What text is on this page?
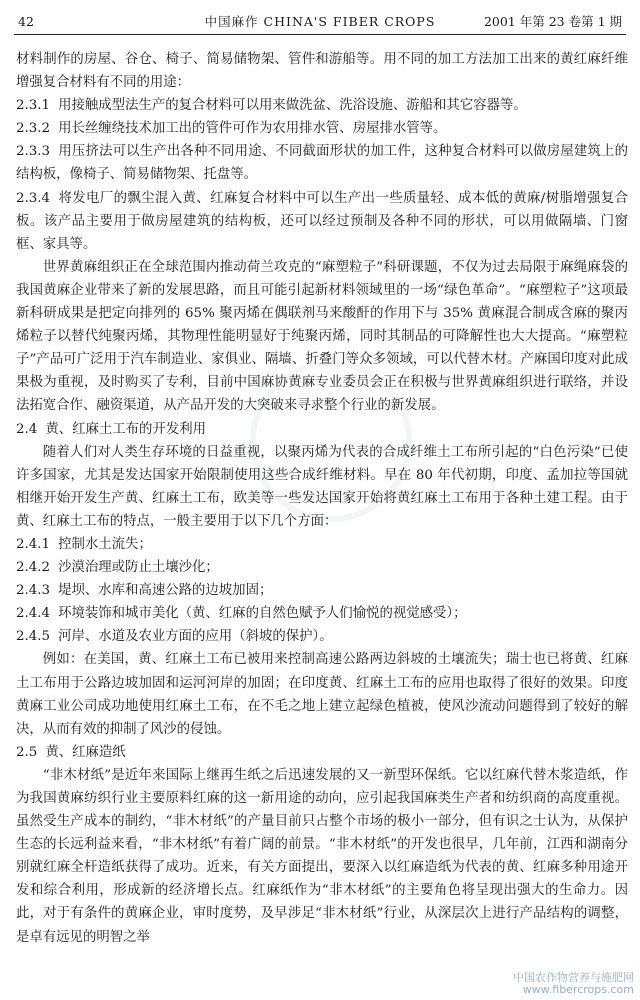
42	中国麻作 CHINA'S FIBER CROPS	2001 年第 23 卷第 1 期

材料制作的房屋、谷仓、椅子、简易储物架、管件和游船等。用不同的加工方法加工出来的黄红麻纤维增强复合材料有不同的用途：

2.3.1 用接触成型法生产的复合材料可以用来做洗盆、洗浴设施、游船和其它容器等。

2.3.2 用长丝缠绕技术加工出的管件可作为农用排水管、房屋排水管等。

2.3.3 用压挤法可以生产出各种不同用途、不同截面形状的加工件，这种复合材料可以做房屋建筑上的结构板，像椅子、简易储物架、托盘等。

2.3.4 将发电厂的飘尘混入黄、红麻复合材料中可以生产出一些质量轻、成本低的黄麻/树脂增强复合板。该产品主要用于做房屋建筑的结构板，还可以经过预制及各种不同的形状，可以用做隔墙、门窗框、家具等。

世界黄麻组织正在全球范围内推动荷兰攻克的“麻塑粒子”科研课题，不仅为过去局限于麻绳麻袋的我国黄麻企业带来了新的发展思路，而且可能引起新材料领域里的一场“绿色革命”。“麻塑粒子”这项最新科研成果是把定向排列的 65% 聚丙烯在偶联剂马来酸酐的作用下与 35% 黄麻混合制成含麻的聚丙烯粒子以替代纯聚丙烯，其物理性能明显好于纯聚丙烯，同时其制品的可降解性也大大提高。“麻塑粒子”产品可广泛用于汽车制造业、家俱业、隔墙、折叠门等众多领域，可以代替木材。产麻国印度对此成果极为重视，及时购买了专利，目前中国麻协黄麻专业委员会正在积极与世界黄麻组织进行联络，并设法拓宽合作、融资渠道，从产品开发的大突破来寻求整个行业的新发展。

2.4 黄、红麻土工布的开发利用

随着人们对人类生存环境的日益重视，以聚丙烯为代表的合成纤维土工布所引起的“白色污染”已使许多国家，尤其是发达国家开始限制使用这些合成纤维材料。早在 80 年代初期，印度、孟加拉等国就相继开始开发生产黄、红麻土工布，欧美等一些发达国家开始将黄红麻土工布用于各种土建工程。由于黄、红麻土工布的特点，一般主要用于以下几个方面：

2.4.1 控制水土流失；

2.4.2 沙漠治理或防止土壤沙化；

2.4.3 堤坝、水库和高速公路的边坡加固；

2.4.4 环境装饰和城市美化（黄、红麻的自然色赋予人们愉悦的视觉感受）；

2.4.5 河岸、水道及农业方面的应用（斜坡的保护）。

例如：在美国，黄、红麻土工布已被用来控制高速公路两边斜坡的土壤流失；瑞士也已将黄、红麻土工布用于公路边坡加固和运河河岸的加固；在印度黄、红麻土工布的应用也取得了很好的效果。印度黄麻工业公司成功地使用红麻土工布，在不毛之地上建立起绿色植被，使风沙流动问题得到了较好的解决，从而有效的抑制了风沙的侵蚀。

2.5 黄、红麻造纸

“非木材纸”是近年来国际上继再生纸之后迅速发展的又一新型环保纸。它以红麻代替木浆造纸，作为我国黄麻纺织行业主要原料红麻的这一新用途的动向，应引起我国麻类生产者和纺织商的高度重视。虽然受生产成本的制约，“非木材纸”的产量目前只占整个市场的极小一部分，但有识之士认为，从保护生态的长远利益来看，“非木材纸”有着广阔的前景。“非木材纸”的开发也很早，几年前，江西和湖南分别就红麻全杆造纸获得了成功。近来，有关方面提出，要深入以红麻造纸为代表的黄、红麻多种用途开发和综合利用，形成新的经济增长点。红麻纸作为“非木材纸”的主要角色将呈现出强大的生命力。因此，对于有条件的黄麻企业，审时度势，及早涉足“非木材纸”行业，从深层次上进行产品结构的调整，是卓有远见的明智之举

中国农作物营养与施肥网
www.fibercrops.com
